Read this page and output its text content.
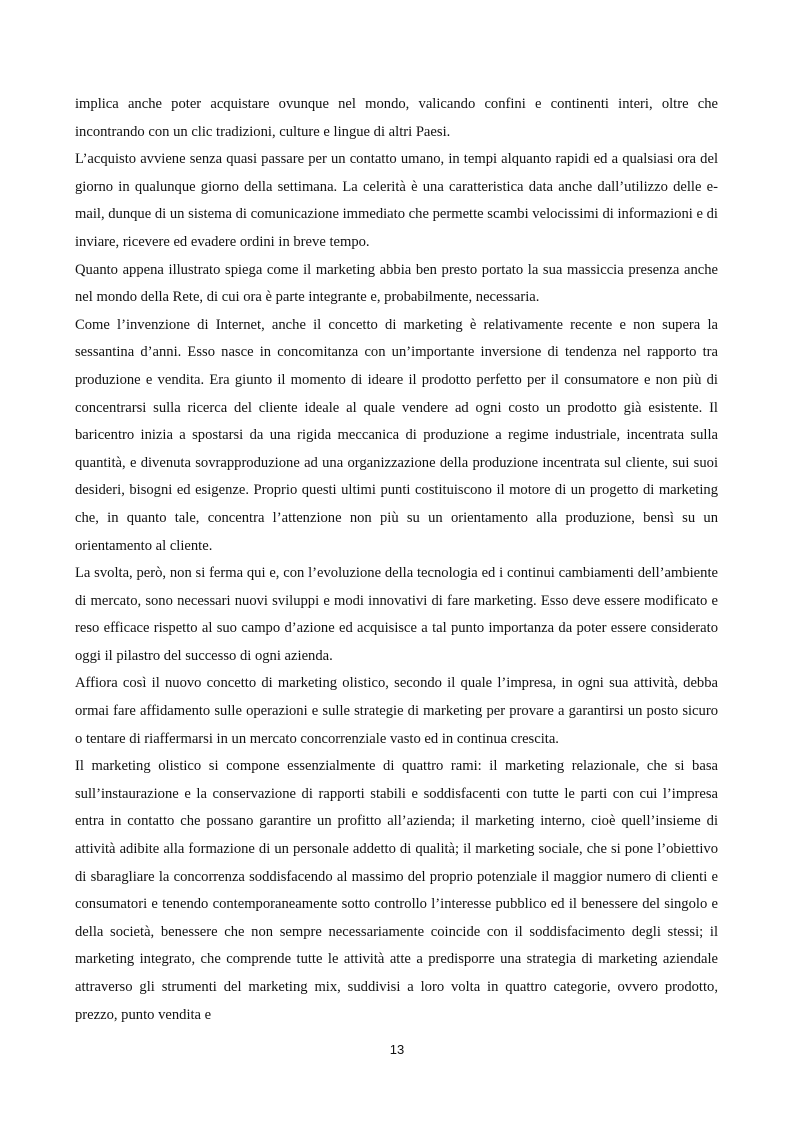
implica anche poter acquistare ovunque nel mondo, valicando confini e continenti interi, oltre che incontrando con un clic tradizioni, culture e lingue di altri Paesi.

L’acquisto avviene senza quasi passare per un contatto umano, in tempi alquanto rapidi ed a qualsiasi ora del giorno in qualunque giorno della settimana. La celerità è una caratteristica data anche dall’utilizzo delle e-mail, dunque di un sistema di comunicazione immediato che permette scambi velocissimi di informazioni e di inviare, ricevere ed evadere ordini in breve tempo.

Quanto appena illustrato spiega come il marketing abbia ben presto portato la sua massiccia presenza anche nel mondo della Rete, di cui ora è parte integrante e, probabilmente, necessaria.

Come l’invenzione di Internet, anche il concetto di marketing è relativamente recente e non supera la sessantina d’anni. Esso nasce in concomitanza con un’importante inversione di tendenza nel rapporto tra produzione e vendita. Era giunto il momento di ideare il prodotto perfetto per il consumatore e non più di concentrarsi sulla ricerca del cliente ideale al quale vendere ad ogni costo un prodotto già esistente. Il baricentro inizia a spostarsi da una rigida meccanica di produzione a regime industriale, incentrata sulla quantità, e divenuta sovrapproduzione ad una organizzazione della produzione incentrata sul cliente, sui suoi desideri, bisogni ed esigenze. Proprio questi ultimi punti costituiscono il motore di un progetto di marketing che, in quanto tale, concentra l’attenzione non più su un orientamento alla produzione, bensì su un orientamento al cliente.

La svolta, però, non si ferma qui e, con l’evoluzione della tecnologia ed i continui cambiamenti dell’ambiente di mercato, sono necessari nuovi sviluppi e modi innovativi di fare marketing. Esso deve essere modificato e reso efficace rispetto al suo campo d’azione ed acquisisce a tal punto importanza da poter essere considerato oggi il pilastro del successo di ogni azienda.

Affiora così il nuovo concetto di marketing olistico, secondo il quale l’impresa, in ogni sua attività, debba ormai fare affidamento sulle operazioni e sulle strategie di marketing per provare a garantirsi un posto sicuro o tentare di riaffermarsi in un mercato concorrenziale vasto ed in continua crescita.

Il marketing olistico si compone essenzialmente di quattro rami: il marketing relazionale, che si basa sull’instaurazione e la conservazione di rapporti stabili e soddisfacenti con tutte le parti con cui l’impresa entra in contatto che possano garantire un profitto all’azienda; il marketing interno, cioè quell’insieme di attività adibite alla formazione di un personale addetto di qualità; il marketing sociale, che si pone l’obiettivo di sbaragliare la concorrenza soddisfacendo al massimo del proprio potenziale il maggior numero di clienti e consumatori e tenendo contemporaneamente sotto controllo l’interesse pubblico ed il benessere del singolo e della società, benessere che non sempre necessariamente coincide con il soddisfacimento degli stessi; il marketing integrato, che comprende tutte le attività atte a predisporre una strategia di marketing aziendale attraverso gli strumenti del marketing mix, suddivisi a loro volta in quattro categorie, ovvero prodotto, prezzo, punto vendita e

13
